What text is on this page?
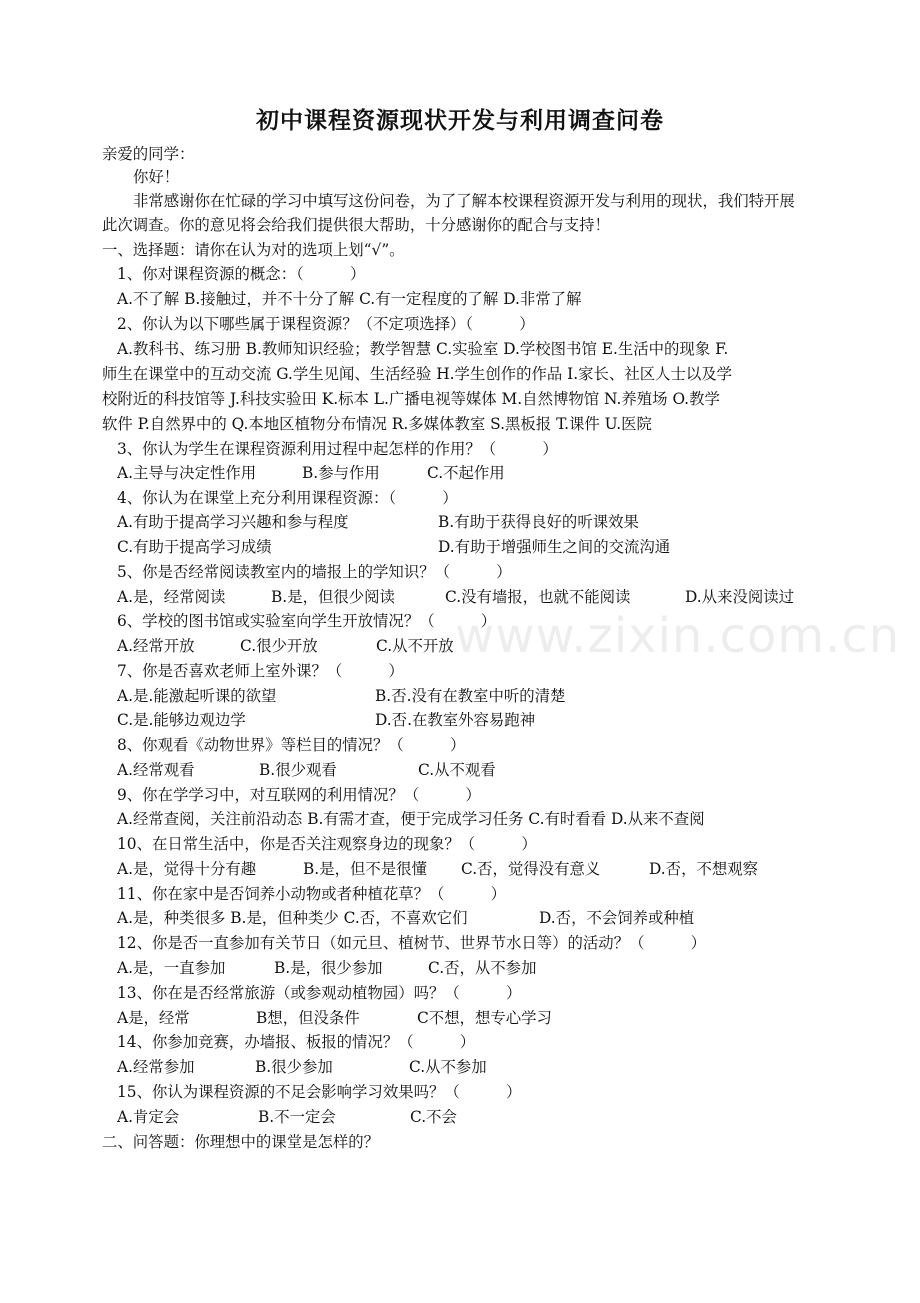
www.zixin.com.cn
初中课程资源现状开发与利用调查问卷
亲爱的同学：
你好！
非常感谢你在忙碌的学习中填写这份问卷，为了了解本校课程资源开发与利用的现状，我们特开展
此次调查。你的意见将会给我们提供很大帮助，十分感谢你的配合与支持！
一、选择题：请你在认为对的选项上划“√”。
1、你对课程资源的概念：（　　　）
A.不了解 B.接触过，并不十分了解 C.有一定程度的了解 D.非常了解
2、你认为以下哪些属于课程资源？（不定项选择）（　　　）
A.教科书、练习册 B.教师知识经验；教学智慧 C.实验室 D.学校图书馆 E.生活中的现象 F.
师生在课堂中的互动交流 G.学生见闻、生活经验 H.学生创作的作品 I.家长、社区人士以及学
校附近的科技馆等 J.科技实验田 K.标本 L.广播电视等媒体 M.自然博物馆 N.养殖场 O.教学
软件 P.自然界中的 Q.本地区植物分布情况 R.多媒体教室 S.黑板报 T.课件 U.医院
3、你认为学生在课程资源利用过程中起怎样的作用？（　　　）

A.主导与决定性作用

	B.参与作用

	C.不起作用

4、你认为在课堂上充分利用课程资源：（　　　）

A.有助于提高学习兴趣和参与程度

	B.有助于获得良好的听课效果

C.有助于提高学习成绩

	D.有助于增强师生之间的交流沟通

5、你是否经常阅读教室内的墙报上的学知识？（　　　）

A.是，经常阅读

	B.是，但很少阅读

	C.没有墙报，也就不能阅读

	D.从来没阅读过

6、学校的图书馆或实验室向学生开放情况？（　　　）

A.经常开放

	C.很少开放

	C.从不开放

7、你是否喜欢老师上室外课？（　　　）

A.是.能激起听课的欲望

	B.否.没有在教室中听的清楚

C.是.能够边观边学

	D.否.在教室外容易跑神

8、你观看《动物世界》等栏目的情况？（　　　）

A.经常观看

	B.很少观看

	C.从不观看

9、你在学学习中，对互联网的利用情况？（　　　）
A.经常查阅，关注前沿动态 B.有需才查，便于完成学习任务 C.有时看看 D.从来不查阅
10、在日常生活中，你是否关注观察身边的现象？（　　　）

A.是，觉得十分有趣

	B.是，但不是很懂

C.否，觉得没有意义

	D.否，不想观察

11、你在家中是否饲养小动物或者种植花草？（　　　）

A.是，种类很多 B.是，但种类少 C.否，不喜欢它们

	D.否，不会饲养或种植

12、你是否一直参加有关节日（如元旦、植树节、世界节水日等）的活动？（　　　）

A.是，一直参加

	B.是，很少参加

	C.否，从不参加

13、你在是否经常旅游（或参观动植物园）吗？（　　　）

A是，经常

	B想，但没条件

	C不想，想专心学习

14、你参加竞赛，办墙报、板报的情况？（　　　）

A.经常参加

	B.很少参加

	C.从不参加

15、你认为课程资源的不足会影响学习效果吗？（　　　）

A.肯定会

	B.不一定会

	C.不会

二、问答题：你理想中的课堂是怎样的？
